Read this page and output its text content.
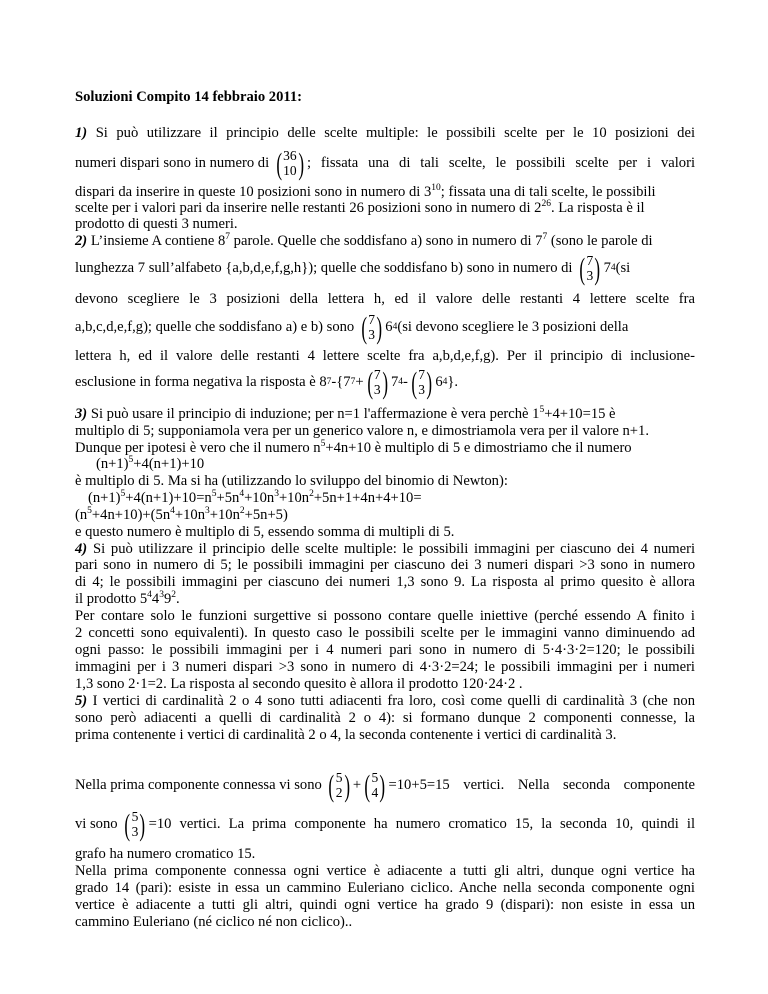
Soluzioni Compito 14 febbraio 2011:
1) Si può utilizzare il principio delle scelte multiple: le possibili scelte per le 10 posizioni dei
numeri dispari sono in numero di
( 36
10 ) ; fissata una di tali scelte, le possibili scelte per i valori
dispari da inserire in queste 10 posizioni sono in numero di $3^{10}$; fissata una di tali scelte, le possibili
scelte per i valori pari da inserire nelle restanti 26 posizioni sono in numero di $2^{26}$. La risposta è il
prodotto di questi 3 numeri.
2) L’insieme A contiene $8^7$ parole. Quelle che soddisfano a) sono in numero di $7^7$ (sono le parole di
lunghezza 7 sull’alfabeto {a,b,d,e,f,g,h}); quelle che soddisfano b) sono in numero di
( 7
3 ) 7 4 (si
devono scegliere le 3 posizioni della lettera h, ed il valore delle restanti 4 lettere scelte fra
a,b,c,d,e,f,g); quelle che soddisfano a) e b) sono
( 7
3 ) 6 4 (si devono scegliere le 3 posizioni della
lettera h, ed il valore delle restanti 4 lettere scelte fra a,b,d,e,f,g). Per il principio di inclusione-
esclusione in forma negativa la risposta è 8 7 -{7 7 + ( 7
3 ) 7 4 - ( 7
3 ) 6 4 }.
3)
Si può usare il principio di induzione; per n=1 l'affermazione è vera perchè $1^5+4+10=15$ è
multiplo di 5; supponiamola vera per un generico valore n, e dimostriamola vera per il valore n+1.
Dunque per ipotesi è vero che il numero $n^5+4n+10$ è multiplo di 5 e dimostriamo che il numero
$(n+1)^5+4(n+1)+10$
è multiplo di 5. Ma si ha (utilizzando lo sviluppo del binomio di Newton):
$(n+1)^5+4(n+1)+10=n^5+5n^4+10n^3+10n^2+5n+1+4n+4+10=$
$(n^5+4n+10)+(5n^4+10n^3+10n^2+5n+5)$
e questo numero è multiplo di 5, essendo somma di multipli di 5.
4) Si può utilizzare il principio delle scelte multiple: le possibili immagini per ciascuno dei 4 numeri
pari sono in numero di 5; le possibili immagini per ciascuno dei 3 numeri dispari >3 sono in numero
di 4; le possibili immagini per ciascuno dei numeri 1,3 sono 9. La risposta al primo quesito è allora
il prodotto $5^44^39^2$.
Per contare solo le funzioni surgettive si possono contare quelle iniettive (perché essendo A finito i
2 concetti sono equivalenti). In questo caso le possibili scelte per le immagini vanno diminuendo ad
ogni passo: le possibili immagini per i 4 numeri pari sono in numero di 5·4·3·2=120; le possibili
immagini per i 3 numeri dispari >3 sono in numero di 4·3·2=24; le possibili immagini per i numeri
1,3 sono 2·1=2. La risposta al secondo quesito è allora il prodotto 120·24·2 .
5) I vertici di cardinalità 2 o 4 sono tutti adiacenti fra loro, così come quelli di cardinalità 3 (che non
sono però adiacenti a quelli di cardinalità 2 o 4): si formano dunque 2 componenti connesse, la
prima contenente i vertici di cardinalità 2 o 4, la seconda contenente i vertici di cardinalità 3.
Nella prima componente connessa vi sono
( 5
2 ) + ( 5
4 ) =10+5=15 vertici. Nella seconda componente
vi sono
( 5
3 ) =10 vertici. La prima componente ha numero cromatico 15, la seconda 10, quindi il
grafo ha numero cromatico 15.
Nella prima componente connessa ogni vertice è adiacente a tutti gli altri, dunque ogni vertice ha
grado 14 (pari): esiste in essa un cammino Euleriano ciclico. Anche nella seconda componente ogni
vertice è adiacente a tutti gli altri, quindi ogni vertice ha grado 9 (dispari): non esiste in essa un
cammino Euleriano (né ciclico né non ciclico)..
